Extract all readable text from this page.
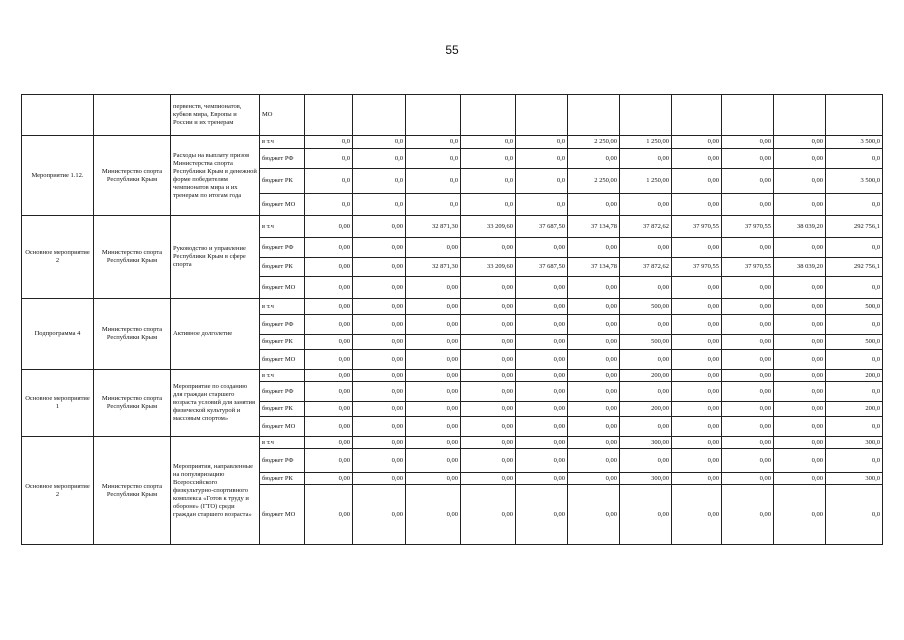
55
		первенств, чемпионатов, кубков мира, Европы и России и их тренерам	МО											
Мероприятие 1.12.	Министерство спорта Республики Крым	Расходы на выплату призов Министерства спорта Республики Крым в денежной форме победителям чемпионатов мира и их тренерам по итогам года	в т.ч	0,0	0,0	0,0	0,0	0,0	2 250,00	1 250,00	0,00	0,00	0,00	3 500,0
			бюджет РФ	0,0	0,0	0,0	0,0	0,0	0,00	0,00	0,00	0,00	0,00	0,0
			бюджет РК	0,0	0,0	0,0	0,0	0,0	2 250,00	1 250,00	0,00	0,00	0,00	3 500,0
			бюджет МО	0,0	0,0	0,0	0,0	0,0	0,00	0,00	0,00	0,00	0,00	0,0
Основное мероприятие 2	Министерство спорта Республики Крым	Руководство и управление Республики Крым в сфере спорта	в т.ч	0,00	0,00	32 871,30	33 209,60	37 687,50	37 134,78	37 872,62	37 970,55	37 970,55	38 039,20	292 756,1
			бюджет РФ	0,00	0,00	0,00	0,00	0,00	0,00	0,00	0,00	0,00	0,00	0,0
			бюджет РК	0,00	0,00	32 871,30	33 209,60	37 687,50	37 134,78	37 872,62	37 970,55	37 970,55	38 039,20	292 756,1
			бюджет МО	0,00	0,00	0,00	0,00	0,00	0,00	0,00	0,00	0,00	0,00	0,0
Подпрограмма 4	Министерство спорта Республики Крым	Активное долголетие	в т.ч	0,00	0,00	0,00	0,00	0,00	0,00	500,00	0,00	0,00	0,00	500,0
			бюджет РФ	0,00	0,00	0,00	0,00	0,00	0,00	0,00	0,00	0,00	0,00	0,0
			бюджет РК	0,00	0,00	0,00	0,00	0,00	0,00	500,00	0,00	0,00	0,00	500,0
			бюджет МО	0,00	0,00	0,00	0,00	0,00	0,00	0,00	0,00	0,00	0,00	0,0
Основное мероприятие 1	Министерство спорта Республики Крым	Мероприятие по созданию для граждан старшего возраста условий для занятия физической культурой и массовым спортом»	в т.ч	0,00	0,00	0,00	0,00	0,00	0,00	200,00	0,00	0,00	0,00	200,0
			бюджет РФ	0,00	0,00	0,00	0,00	0,00	0,00	0,00	0,00	0,00	0,00	0,0
			бюджет РК	0,00	0,00	0,00	0,00	0,00	0,00	200,00	0,00	0,00	0,00	200,0
			бюджет МО	0,00	0,00	0,00	0,00	0,00	0,00	0,00	0,00	0,00	0,00	0,0
Основное мероприятие 2	Министерство спорта Республики Крым	Мероприятия, направленные на популяризацию Всероссийского физкультурно-спортивного комплекса «Готов к труду и обороне» (ГТО) среди граждан старшего возраста»	в т.ч	0,00	0,00	0,00	0,00	0,00	0,00	300,00	0,00	0,00	0,00	300,0
			бюджет РФ	0,00	0,00	0,00	0,00	0,00	0,00	0,00	0,00	0,00	0,00	0,0
			бюджет РК	0,00	0,00	0,00	0,00	0,00	0,00	300,00	0,00	0,00	0,00	300,0
			бюджет МО	0,00	0,00	0,00	0,00	0,00	0,00	0,00	0,00	0,00	0,00	0,0
